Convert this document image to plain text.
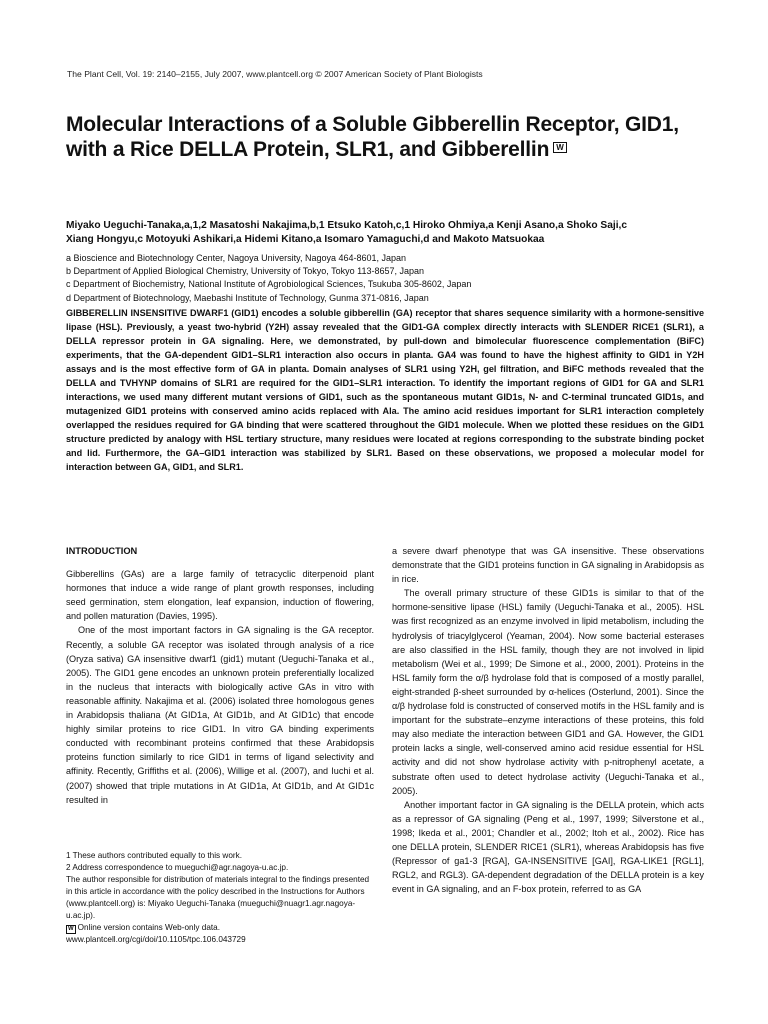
The Plant Cell, Vol. 19: 2140–2155, July 2007, www.plantcell.org © 2007 American Society of Plant Biologists
Molecular Interactions of a Soluble Gibberellin Receptor, GID1, with a Rice DELLA Protein, SLR1, and Gibberellin W
Miyako Ueguchi-Tanaka,a,1,2 Masatoshi Nakajima,b,1 Etsuko Katoh,c,1 Hiroko Ohmiya,a Kenji Asano,a Shoko Saji,c
Xiang Hongyu,c Motoyuki Ashikari,a Hidemi Kitano,a Isomaro Yamaguchi,d and Makoto Matsuokaa
a Bioscience and Biotechnology Center, Nagoya University, Nagoya 464-8601, Japan
b Department of Applied Biological Chemistry, University of Tokyo, Tokyo 113-8657, Japan
c Department of Biochemistry, National Institute of Agrobiological Sciences, Tsukuba 305-8602, Japan
d Department of Biotechnology, Maebashi Institute of Technology, Gunma 371-0816, Japan
GIBBERELLIN INSENSITIVE DWARF1 (GID1) encodes a soluble gibberellin (GA) receptor that shares sequence similarity with a hormone-sensitive lipase (HSL). Previously, a yeast two-hybrid (Y2H) assay revealed that the GID1-GA complex directly interacts with SLENDER RICE1 (SLR1), a DELLA repressor protein in GA signaling. Here, we demonstrated, by pull-down and bimolecular fluorescence complementation (BiFC) experiments, that the GA-dependent GID1–SLR1 interaction also occurs in planta. GA4 was found to have the highest affinity to GID1 in Y2H assays and is the most effective form of GA in planta. Domain analyses of SLR1 using Y2H, gel filtration, and BiFC methods revealed that the DELLA and TVHYNP domains of SLR1 are required for the GID1–SLR1 interaction. To identify the important regions of GID1 for GA and SLR1 interactions, we used many different mutant versions of GID1, such as the spontaneous mutant GID1s, N- and C-terminal truncated GID1s, and mutagenized GID1 proteins with conserved amino acids replaced with Ala. The amino acid residues important for SLR1 interaction completely overlapped the residues required for GA binding that were scattered throughout the GID1 molecule. When we plotted these residues on the GID1 structure predicted by analogy with HSL tertiary structure, many residues were located at regions corresponding to the substrate binding pocket and lid. Furthermore, the GA–GID1 interaction was stabilized by SLR1. Based on these observations, we proposed a molecular model for interaction between GA, GID1, and SLR1.
INTRODUCTION

Gibberellins (GAs) are a large family of tetracyclic diterpenoid plant hormones that induce a wide range of plant growth responses, including seed germination, stem elongation, leaf expansion, induction of flowering, and pollen maturation (Davies, 1995).

One of the most important factors in GA signaling is the GA receptor. Recently, a soluble GA receptor was isolated through analysis of a rice (Oryza sativa) GA insensitive dwarf1 (gid1) mutant (Ueguchi-Tanaka et al., 2005). The GID1 gene encodes an unknown protein preferentially localized in the nucleus that interacts with biologically active GAs in vitro with reasonable affinity. Nakajima et al. (2006) isolated three homologous genes in Arabidopsis thaliana (At GID1a, At GID1b, and At GID1c) that encode highly similar proteins to rice GID1. In vitro GA binding experiments conducted with recombinant proteins confirmed that these Arabidopsis proteins function similarly to rice GID1 in terms of ligand selectivity and affinity. Recently, Griffiths et al. (2006), Willige et al. (2007), and Iuchi et al. (2007) showed that triple mutations in At GID1a, At GID1b, and At GID1c resulted in

1 These authors contributed equally to this work.

2 Address correspondence to mueguchi@agr.nagoya-u.ac.jp.

The author responsible for distribution of materials integral to the findings presented in this article in accordance with the policy described in the Instructions for Authors (www.plantcell.org) is: Miyako Ueguchi-Tanaka (mueguchi@nuagr1.agr.nagoya-u.ac.jp).

W Online version contains Web-only data.

www.plantcell.org/cgi/doi/10.1105/tpc.106.043729

a severe dwarf phenotype that was GA insensitive. These observations demonstrate that the GID1 proteins function in GA signaling in Arabidopsis as in rice.

The overall primary structure of these GID1s is similar to that of the hormone-sensitive lipase (HSL) family (Ueguchi-Tanaka et al., 2005). HSL was first recognized as an enzyme involved in lipid metabolism, including the hydrolysis of triacylglycerol (Yeaman, 2004). Now some bacterial esterases are also classified in the HSL family, though they are not involved in lipid metabolism (Wei et al., 1999; De Simone et al., 2000, 2001). Proteins in the HSL family form the α/β hydrolase fold that is composed of a mostly parallel, eight-stranded β-sheet surrounded by α-helices (Osterlund, 2001). Since the α/β hydrolase fold is constructed of conserved motifs in the HSL family and is important for the substrate–enzyme interactions of these proteins, this fold may also mediate the interaction between GID1 and GA. However, the GID1 protein lacks a single, well-conserved amino acid residue essential for HSL activity and did not show hydrolase activity with p-nitrophenyl acetate, a substrate often used to detect hydrolase activity (Ueguchi-Tanaka et al., 2005).

Another important factor in GA signaling is the DELLA protein, which acts as a repressor of GA signaling (Peng et al., 1997, 1999; Silverstone et al., 1998; Ikeda et al., 2001; Chandler et al., 2002; Itoh et al., 2002). Rice has one DELLA protein, SLENDER RICE1 (SLR1), whereas Arabidopsis has five (Repressor of ga1-3 [RGA], GA-INSENSITIVE [GAI], RGA-LIKE1 [RGL1], RGL2, and RGL3). GA-dependent degradation of the DELLA protein is a key event in GA signaling, and an F-box protein, referred to as GA
